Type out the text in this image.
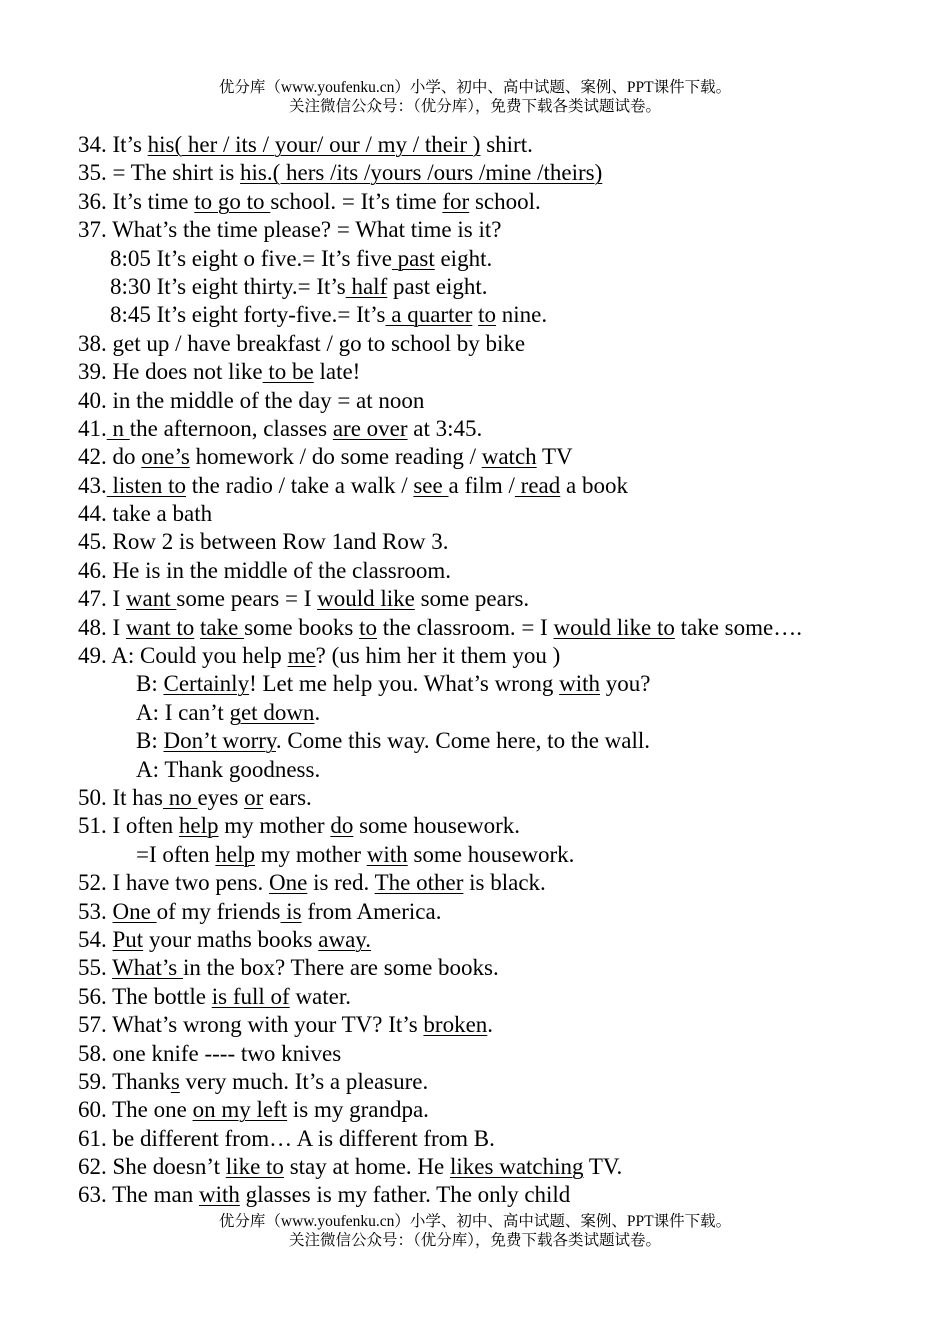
优分库（www.youfenku.cn）小学、初中、高中试题、案例、PPT课件下载。
关注微信公众号：（优分库），免费下载各类试题试卷。
34. It’s his( her / its / your/ our / my / their ) shirt.
35. = The shirt is his.( hers /its /yours /ours /mine /theirs)
36. It’s time to go to school. = It’s time for school.
37. What’s the time please? = What time is it?
8:05 It’s eight o five.= It’s five past eight.
8:30 It’s eight thirty.= It’s half past eight.
8:45 It’s eight forty-five.= It’s a quarter to nine.
38. get up / have breakfast / go to school by bike
39. He does not like to be late!
40. in the middle of the day = at noon
41. n the afternoon, classes are over at 3:45.
42. do one’s homework / do some reading / watch TV
43. listen to the radio / take a walk / see a film / read a book
44. take a bath
45. Row 2 is between Row 1and Row 3.
46. He is in the middle of the classroom.
47. I want some pears = I would like some pears.
48. I want to take some books to the classroom. = I would like to take some….
49. A: Could you help me? (us him her it them you )
B: Certainly! Let me help you. What’s wrong with you?
A: I can’t get down.
B: Don’t worry. Come this way. Come here, to the wall.
A: Thank goodness.
50. It has no eyes or ears.
51. I often help my mother do some housework.
=I often help my mother with some housework.
52. I have two pens. One is red. The other is black.
53. One of my friends is from America.
54. Put your maths books away.
55. What’s in the box? There are some books.
56. The bottle is full of water.
57. What’s wrong with your TV? It’s broken.
58. one knife ---- two knives
59. Thanks very much. It’s a pleasure.
60. The one on my left is my grandpa.
61. be different from… A is different from B.
62. She doesn’t like to stay at home. He likes watching TV.
63. The man with glasses is my father. The only child
优分库（www.youfenku.cn）小学、初中、高中试题、案例、PPT课件下载。
关注微信公众号：（优分库），免费下载各类试题试卷。
